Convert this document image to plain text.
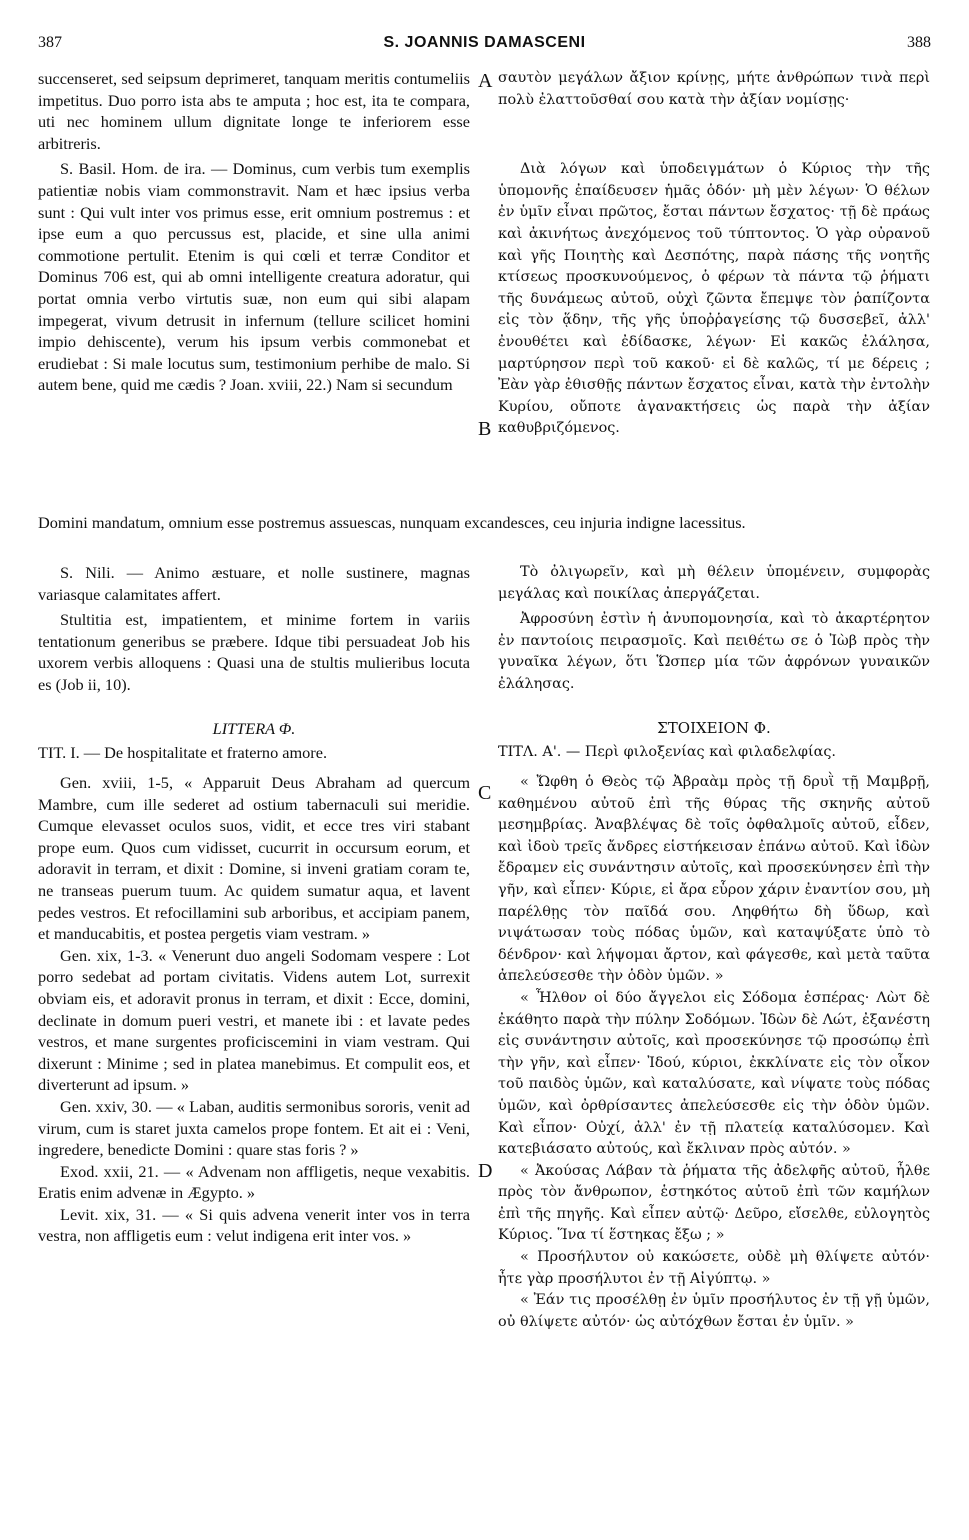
387	S. JOANNIS DAMASCENI	388
A
B
C
D

succenseret, sed seipsum deprimeret, tanquam meritis contumeliis impetitus. Duo porro ista abs te amputa ; hoc est, ita te compara, uti nec hominem ullum dignitate longe te inferiorem esse arbitreris.

S. Basil. Hom. de ira. — Dominus, cum verbis tum exemplis patientiæ nobis viam commonstravit. Nam et hæc ipsius verba sunt : Qui vult inter vos primus esse, erit omnium postremus : et ipse eum a quo percussus est, placide, et sine ulla animi commotione pertulit. Etenim is qui cœli et terræ Conditor et Dominus 706 est, qui ab omni intelligente creatura adoratur, qui portat omnia verbo virtutis suæ, non eum qui sibi alapam impegerat, vivum detrusit in infernum (tellure scilicet homini impio dehiscente), verum his ipsum verbis commonebat et erudiebat : Si male locutus sum, testimonium perhibe de malo. Si autem bene, quid me cædis ? Joan. xviii, 22.) Nam si secundum

σαυτὸν μεγάλων ἄξιον κρίνῃς, μήτε ἀνθρώπων τινὰ περὶ πολὺ ἐλαττοῦσθαί σου κατὰ τὴν ἀξίαν νομίσῃς·

Διὰ λόγων καὶ ὑποδειγμάτων ὁ Κύριος τὴν τῆς ὑπομονῆς ἐπαίδευσεν ἡμᾶς ὁδόν· μὴ μὲν λέγων· Ὁ θέλων ἐν ὑμῖν εἶναι πρῶτος, ἔσται πάντων ἔσχατος· τῇ δὲ πράως καὶ ἀκινήτως ἀνεχόμενος τοῦ τύπτοντος. Ὁ γὰρ οὐρανοῦ καὶ γῆς Ποιητὴς καὶ Δεσπότης, παρὰ πάσης τῆς νοητῆς κτίσεως προσκυνούμενος, ὁ φέρων τὰ πάντα τῷ ῥήματι τῆς δυνάμεως αὐτοῦ, οὐχὶ ζῶντα ἔπεμψε τὸν ῥαπίζοντα εἰς τὸν ᾅδην, τῆς γῆς ὑποῤῥαγείσης τῷ δυσσεβεῖ, ἀλλ' ἐνουθέτει καὶ ἐδίδασκε, λέγων· Εἰ κακῶς ἐλάλησα, μαρτύρησον περὶ τοῦ κακοῦ· εἰ δὲ καλῶς, τί με δέρεις ; Ἐὰν γὰρ ἐθισθῇς πάντων ἔσχατος εἶναι, κατὰ τὴν ἐντολὴν Κυρίου, οὔποτε ἀγανακτήσεις ὡς παρὰ τὴν ἀξίαν καθυβριζόμενος.

Domini mandatum, omnium esse postremus assuescas, nunquam excandesces, ceu injuria indigne lacessitus.

S. Nili. — Animo æstuare, et nolle sustinere, magnas variasque calamitates affert.

Stultitia est, impatientem, et minime fortem in variis tentationum generibus se præbere. Idque tibi persuadeat Job his uxorem verbis alloquens : Quasi una de stultis mulieribus locuta es (Job ii, 10).

Τὸ ὀλιγωρεῖν, καὶ μὴ θέλειν ὑπομένειν, συμφορὰς μεγάλας καὶ ποικίλας ἀπεργάζεται.

Ἀφροσύνη ἐστὶν ἡ ἀνυπομονησία, καὶ τὸ ἀκαρτέρητον ἐν παντοίοις πειρασμοῖς. Καὶ πειθέτω σε ὁ Ἰὼβ πρὸς τὴν γυναῖκα λέγων, ὅτι Ὥσπερ μία τῶν ἀφρόνων γυναικῶν ἐλάλησας.

LITTERA Φ.	ΣΤΟΙΧΕΙΟΝ Φ.
TIT. I. — De hospitalitate et fraterno amore.	ΤΙΤΛ. Α'. — Περὶ φιλοξενίας καὶ φιλαδελφίας.

Gen. xviii, 1-5, « Apparuit Deus Abraham ad quercum Mambre, cum ille sederet ad ostium tabernaculi sui meridie. Cumque elevasset oculos suos, vidit, et ecce tres viri stabant prope eum. Quos cum vidisset, cucurrit in occursum eorum, et adoravit in terram, et dixit : Domine, si inveni gratiam coram te, ne transeas puerum tuum. Ac quidem sumatur aqua, et lavent pedes vestros. Et refocillamini sub arboribus, et accipiam panem, et manducabitis, et postea pergetis viam vestram. »

Gen. xix, 1-3. « Venerunt duo angeli Sodomam vespere : Lot porro sedebat ad portam civitatis. Videns autem Lot, surrexit obviam eis, et adoravit pronus in terram, et dixit : Ecce, domini, declinate in domum pueri vestri, et manete ibi : et lavate pedes vestros, et mane surgentes proficiscemini in viam vestram. Qui dixerunt : Minime ; sed in platea manebimus. Et compulit eos, et diverterunt ad ipsum. »

Gen. xxiv, 30. — « Laban, auditis sermonibus sororis, venit ad virum, cum is staret juxta camelos prope fontem. Et ait ei : Veni, ingredere, benedicte Domini : quare stas foris ? »

Exod. xxii, 21. — « Advenam non affligetis, neque vexabitis. Eratis enim advenæ in Ægypto. »

Levit. xix, 31. — « Si quis advena venerit inter vos in terra vestra, non affligetis eum : velut indigena erit inter vos. »

« Ὤφθη ὁ Θεὸς τῷ Ἀβραὰμ πρὸς τῇ δρυῒ τῇ Μαμβρῇ, καθημένου αὐτοῦ ἐπὶ τῆς θύρας τῆς σκηνῆς αὐτοῦ μεσημβρίας. Ἀναβλέψας δὲ τοῖς ὀφθαλμοῖς αὐτοῦ, εἶδεν, καὶ ἰδοὺ τρεῖς ἄνδρες εἱστήκεισαν ἐπάνω αὐτοῦ. Καὶ ἰδὼν ἔδραμεν εἰς συνάντησιν αὐτοῖς, καὶ προσεκύνησεν ἐπὶ τὴν γῆν, καὶ εἶπεν· Κύριε, εἰ ἄρα εὗρον χάριν ἐναντίον σου, μὴ παρέλθῃς τὸν παῖδά σου. Ληφθήτω δὴ ὕδωρ, καὶ νιψάτωσαν τοὺς πόδας ὑμῶν, καὶ καταψύξατε ὑπὸ τὸ δένδρον· καὶ λήψομαι ἄρτον, καὶ φάγεσθε, καὶ μετὰ ταῦτα ἀπελεύσεσθε τὴν ὁδὸν ὑμῶν. »

« Ἦλθον οἱ δύο ἄγγελοι εἰς Σόδομα ἑσπέρας· Λὼτ δὲ ἐκάθητο παρὰ τὴν πύλην Σοδόμων. Ἰδὼν δὲ Λώτ, ἐξανέστη εἰς συνάντησιν αὐτοῖς, καὶ προσεκύνησε τῷ προσώπῳ ἐπὶ τὴν γῆν, καὶ εἶπεν· Ἰδού, κύριοι, ἐκκλίνατε εἰς τὸν οἶκον τοῦ παιδὸς ὑμῶν, καὶ καταλύσατε, καὶ νίψατε τοὺς πόδας ὑμῶν, καὶ ὀρθρίσαντες ἀπελεύσεσθε εἰς τὴν ὁδὸν ὑμῶν. Καὶ εἶπον· Οὐχί, ἀλλ' ἐν τῇ πλατείᾳ καταλύσομεν. Καὶ κατεβιάσατο αὐτούς, καὶ ἔκλιναν πρὸς αὐτόν. »

« Ἀκούσας Λάβαν τὰ ῥήματα τῆς ἀδελφῆς αὐτοῦ, ἦλθε πρὸς τὸν ἄνθρωπον, ἑστηκότος αὐτοῦ ἐπὶ τῶν καμήλων ἐπὶ τῆς πηγῆς. Καὶ εἶπεν αὐτῷ· Δεῦρο, εἴσελθε, εὐλογητὸς Κύριος. Ἵνα τί ἕστηκας ἔξω ; »

« Προσήλυτον οὐ κακώσετε, οὐδὲ μὴ θλίψετε αὐτόν· ἦτε γὰρ προσήλυτοι ἐν τῇ Αἰγύπτῳ. »

« Ἐάν τις προσέλθῃ ἐν ὑμῖν προσήλυτος ἐν τῇ γῇ ὑμῶν, οὐ θλίψετε αὐτόν· ὡς αὐτόχθων ἔσται ἐν ὑμῖν. »
